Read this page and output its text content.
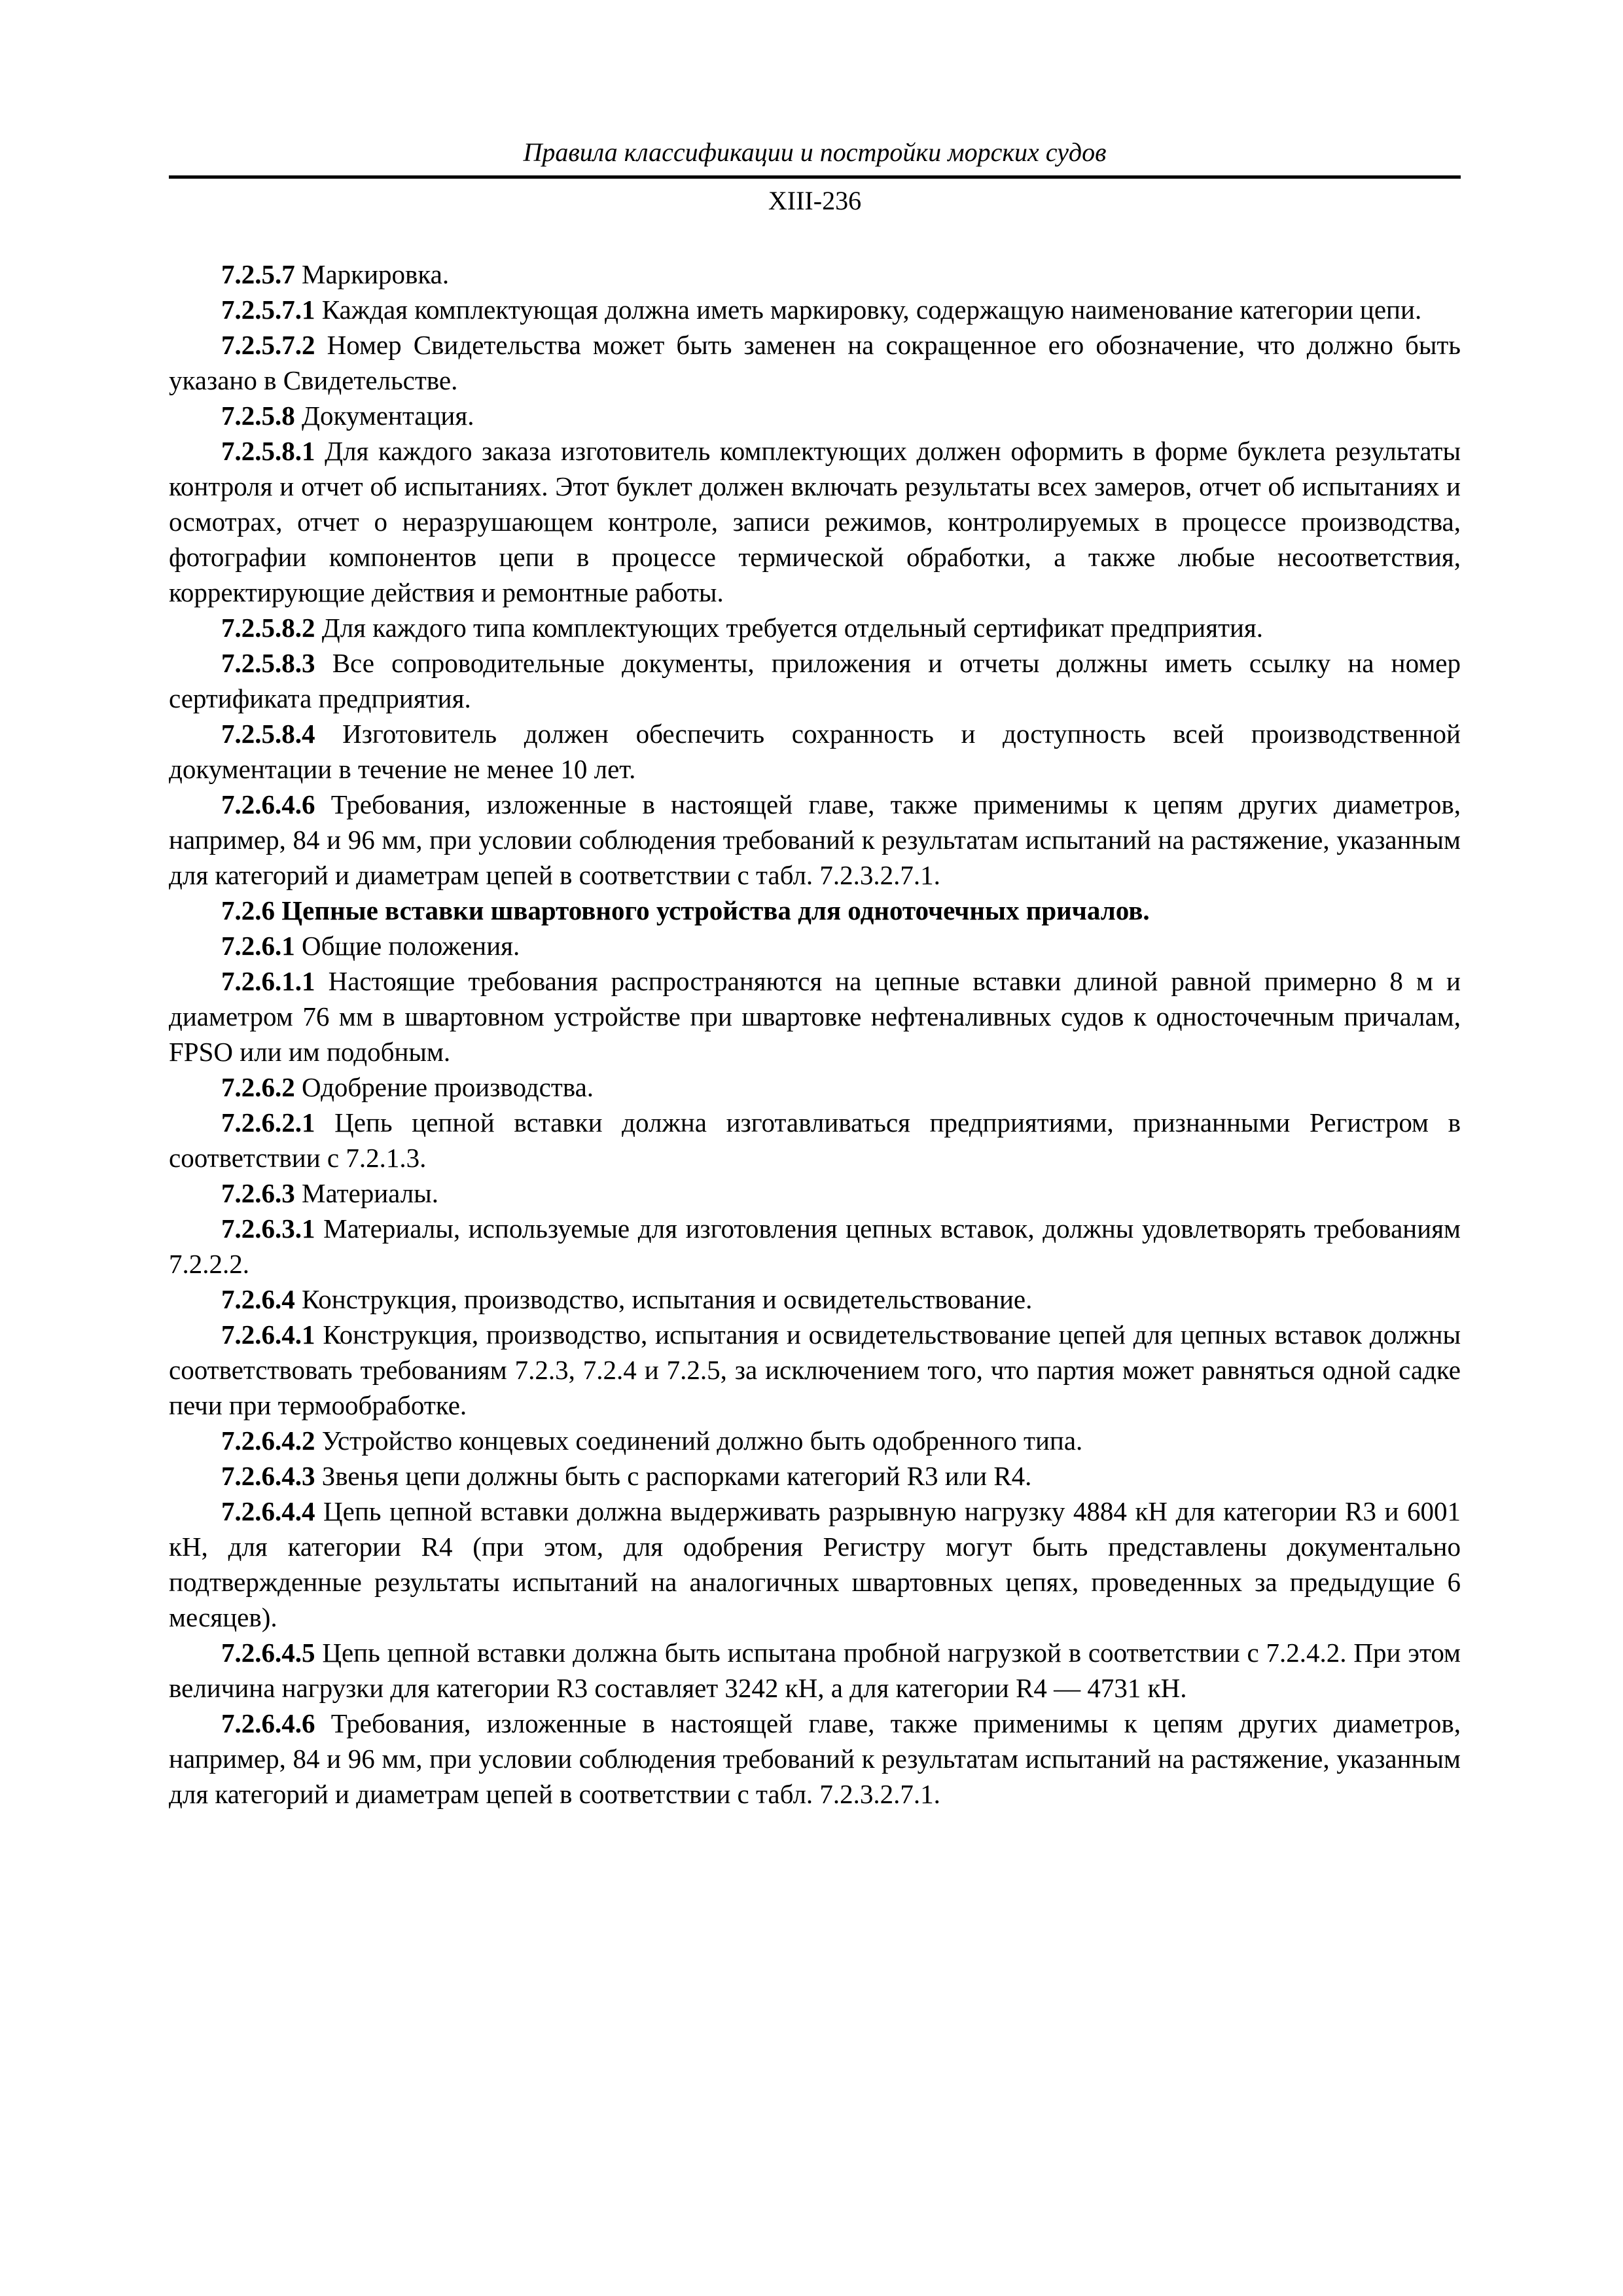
Правила классификации и постройки морских судов
XIII-236

7.2.5.7 Маркировка.

7.2.5.7.1 Каждая комплектующая должна иметь маркировку, содержащую наименование категории цепи.

7.2.5.7.2 Номер Свидетельства может быть заменен на сокращенное его обозначение, что должно быть указано в Свидетельстве.

7.2.5.8 Документация.

7.2.5.8.1 Для каждого заказа изготовитель комплектующих должен оформить в форме буклета результаты контроля и отчет об испытаниях. Этот буклет должен включать результаты всех замеров, отчет об испытаниях и осмотрах, отчет о неразрушающем контроле, записи режимов, контролируемых в процессе производства, фотографии компонентов цепи в процессе термической обработки, а также любые несоответствия, корректирующие действия и ремонтные работы.

7.2.5.8.2 Для каждого типа комплектующих требуется отдельный сертификат предприятия.

7.2.5.8.3 Все сопроводительные документы, приложения и отчеты должны иметь ссылку на номер сертификата предприятия.

7.2.5.8.4 Изготовитель должен обеспечить сохранность и доступность всей производственной документации в течение не менее 10 лет.

7.2.6.4.6 Требования, изложенные в настоящей главе, также применимы к цепям других диаметров, например, 84 и 96 мм, при условии соблюдения требований к результатам испытаний на растяжение, указанным для категорий и диаметрам цепей в соответствии с табл. 7.2.3.2.7.1.

7.2.6 Цепные вставки швартовного устройства для одноточечных причалов.

7.2.6.1 Общие положения.

7.2.6.1.1 Настоящие требования распространяются на цепные вставки длиной равной примерно 8 м и диаметром 76 мм в швартовном устройстве при швартовке нефтеналивных судов к односточечным причалам, FPSO или им подобным.

7.2.6.2 Одобрение производства.

7.2.6.2.1 Цепь цепной вставки должна изготавливаться предприятиями, признанными Регистром в соответствии с 7.2.1.3.

7.2.6.3 Материалы.

7.2.6.3.1 Материалы, используемые для изготовления цепных вставок, должны удовлетворять требованиям 7.2.2.2.

7.2.6.4 Конструкция, производство, испытания и освидетельствование.

7.2.6.4.1 Конструкция, производство, испытания и освидетельствование цепей для цепных вставок должны соответствовать требованиям 7.2.3, 7.2.4 и 7.2.5, за исключением того, что партия может равняться одной садке печи при термообработке.

7.2.6.4.2 Устройство концевых соединений должно быть одобренного типа.

7.2.6.4.3 Звенья цепи должны быть с распорками категорий R3 или R4.

7.2.6.4.4 Цепь цепной вставки должна выдерживать разрывную нагрузку 4884 кН для категории R3 и 6001 кН, для категории R4 (при этом, для одобрения Регистру могут быть представлены документально подтвержденные результаты испытаний на аналогичных швартовных цепях, проведенных за предыдущие 6 месяцев).

7.2.6.4.5 Цепь цепной вставки должна быть испытана пробной нагрузкой в соответствии с 7.2.4.2. При этом величина нагрузки для категории R3 составляет 3242 кН, а для категории R4 — 4731 кН.

7.2.6.4.6 Требования, изложенные в настоящей главе, также применимы к цепям других диаметров, например, 84 и 96 мм, при условии соблюдения требований к результатам испытаний на растяжение, указанным для категорий и диаметрам цепей в соответствии с табл. 7.2.3.2.7.1.
